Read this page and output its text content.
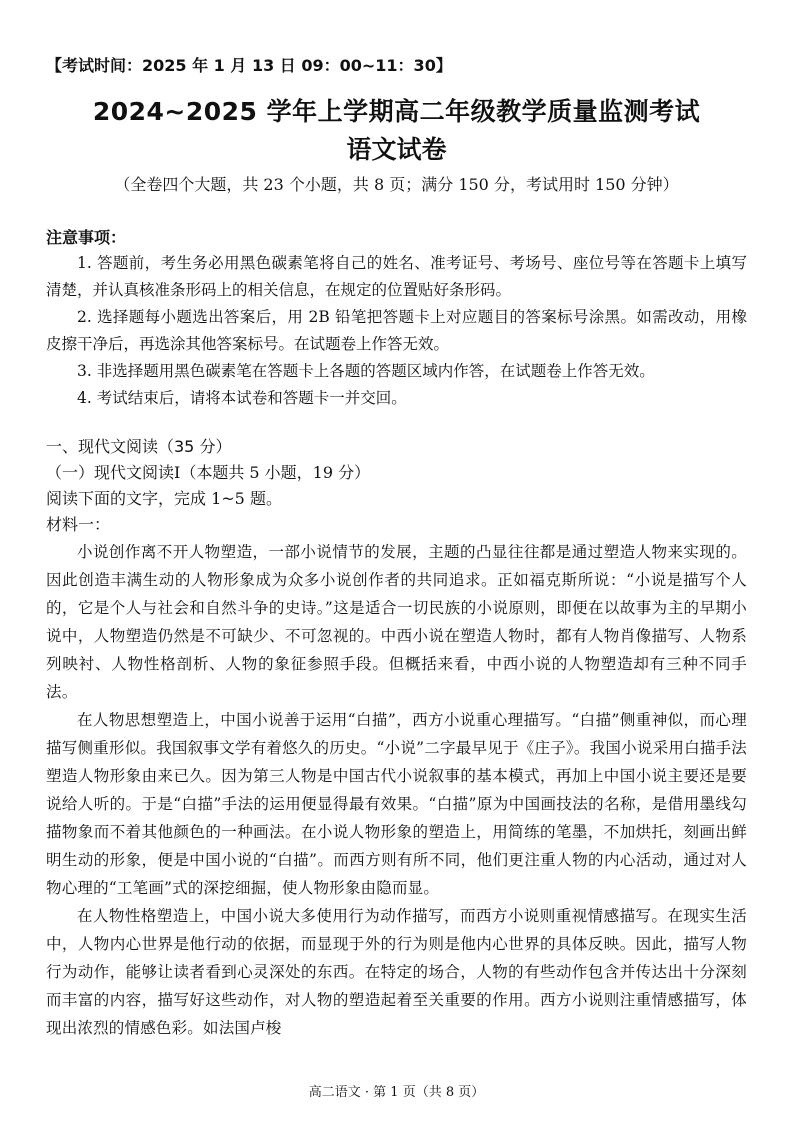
【考试时间：2025 年 1 月 13 日 09：00~11：30】

2024~2025 学年上学期高二年级教学质量监测考试
语文试卷

（全卷四个大题，共 23 个小题，共 8 页；满分 150 分，考试用时 150 分钟）

注意事项：

1. 答题前，考生务必用黑色碳素笔将自己的姓名、准考证号、考场号、座位号等在答题卡上填写清楚，并认真核准条形码上的相关信息，在规定的位置贴好条形码。

2. 选择题每小题选出答案后，用 2B 铅笔把答题卡上对应题目的答案标号涂黑。如需改动，用橡皮擦干净后，再选涂其他答案标号。在试题卷上作答无效。

3. 非选择题用黑色碳素笔在答题卡上各题的答题区域内作答，在试题卷上作答无效。

4. 考试结束后，请将本试卷和答题卡一并交回。

一、现代文阅读（35 分）

（一）现代文阅读Ⅰ（本题共 5 小题，19 分）

阅读下面的文字，完成 1~5 题。

材料一：

小说创作离不开人物塑造，一部小说情节的发展，主题的凸显往往都是通过塑造人物来实现的。因此创造丰满生动的人物形象成为众多小说创作者的共同追求。正如福克斯所说：“小说是描写个人的，它是个人与社会和自然斗争的史诗。”这是适合一切民族的小说原则，即便在以故事为主的早期小说中，人物塑造仍然是不可缺少、不可忽视的。中西小说在塑造人物时，都有人物肖像描写、人物系列映衬、人物性格剖析、人物的象征参照手段。但概括来看，中西小说的人物塑造却有三种不同手法。

在人物思想塑造上，中国小说善于运用“白描”，西方小说重心理描写。“白描”侧重神似，而心理描写侧重形似。我国叙事文学有着悠久的历史。“小说”二字最早见于《庄子》。我国小说采用白描手法塑造人物形象由来已久。因为第三人物是中国古代小说叙事的基本模式，再加上中国小说主要还是要说给人听的。于是“白描”手法的运用便显得最有效果。“白描”原为中国画技法的名称，是借用墨线勾描物象而不着其他颜色的一种画法。在小说人物形象的塑造上，用简练的笔墨，不加烘托，刻画出鲜明生动的形象，便是中国小说的“白描”。而西方则有所不同，他们更注重人物的内心活动，通过对人物心理的“工笔画”式的深挖细掘，使人物形象由隐而显。

在人物性格塑造上，中国小说大多使用行为动作描写，而西方小说则重视情感描写。在现实生活中，人物内心世界是他行动的依据，而显现于外的行为则是他内心世界的具体反映。因此，描写人物行为动作，能够让读者看到心灵深处的东西。在特定的场合，人物的有些动作包含并传达出十分深刻而丰富的内容，描写好这些动作，对人物的塑造起着至关重要的作用。西方小说则注重情感描写，体现出浓烈的情感色彩。如法国卢梭

高二语文 · 第 1 页（共 8 页）
